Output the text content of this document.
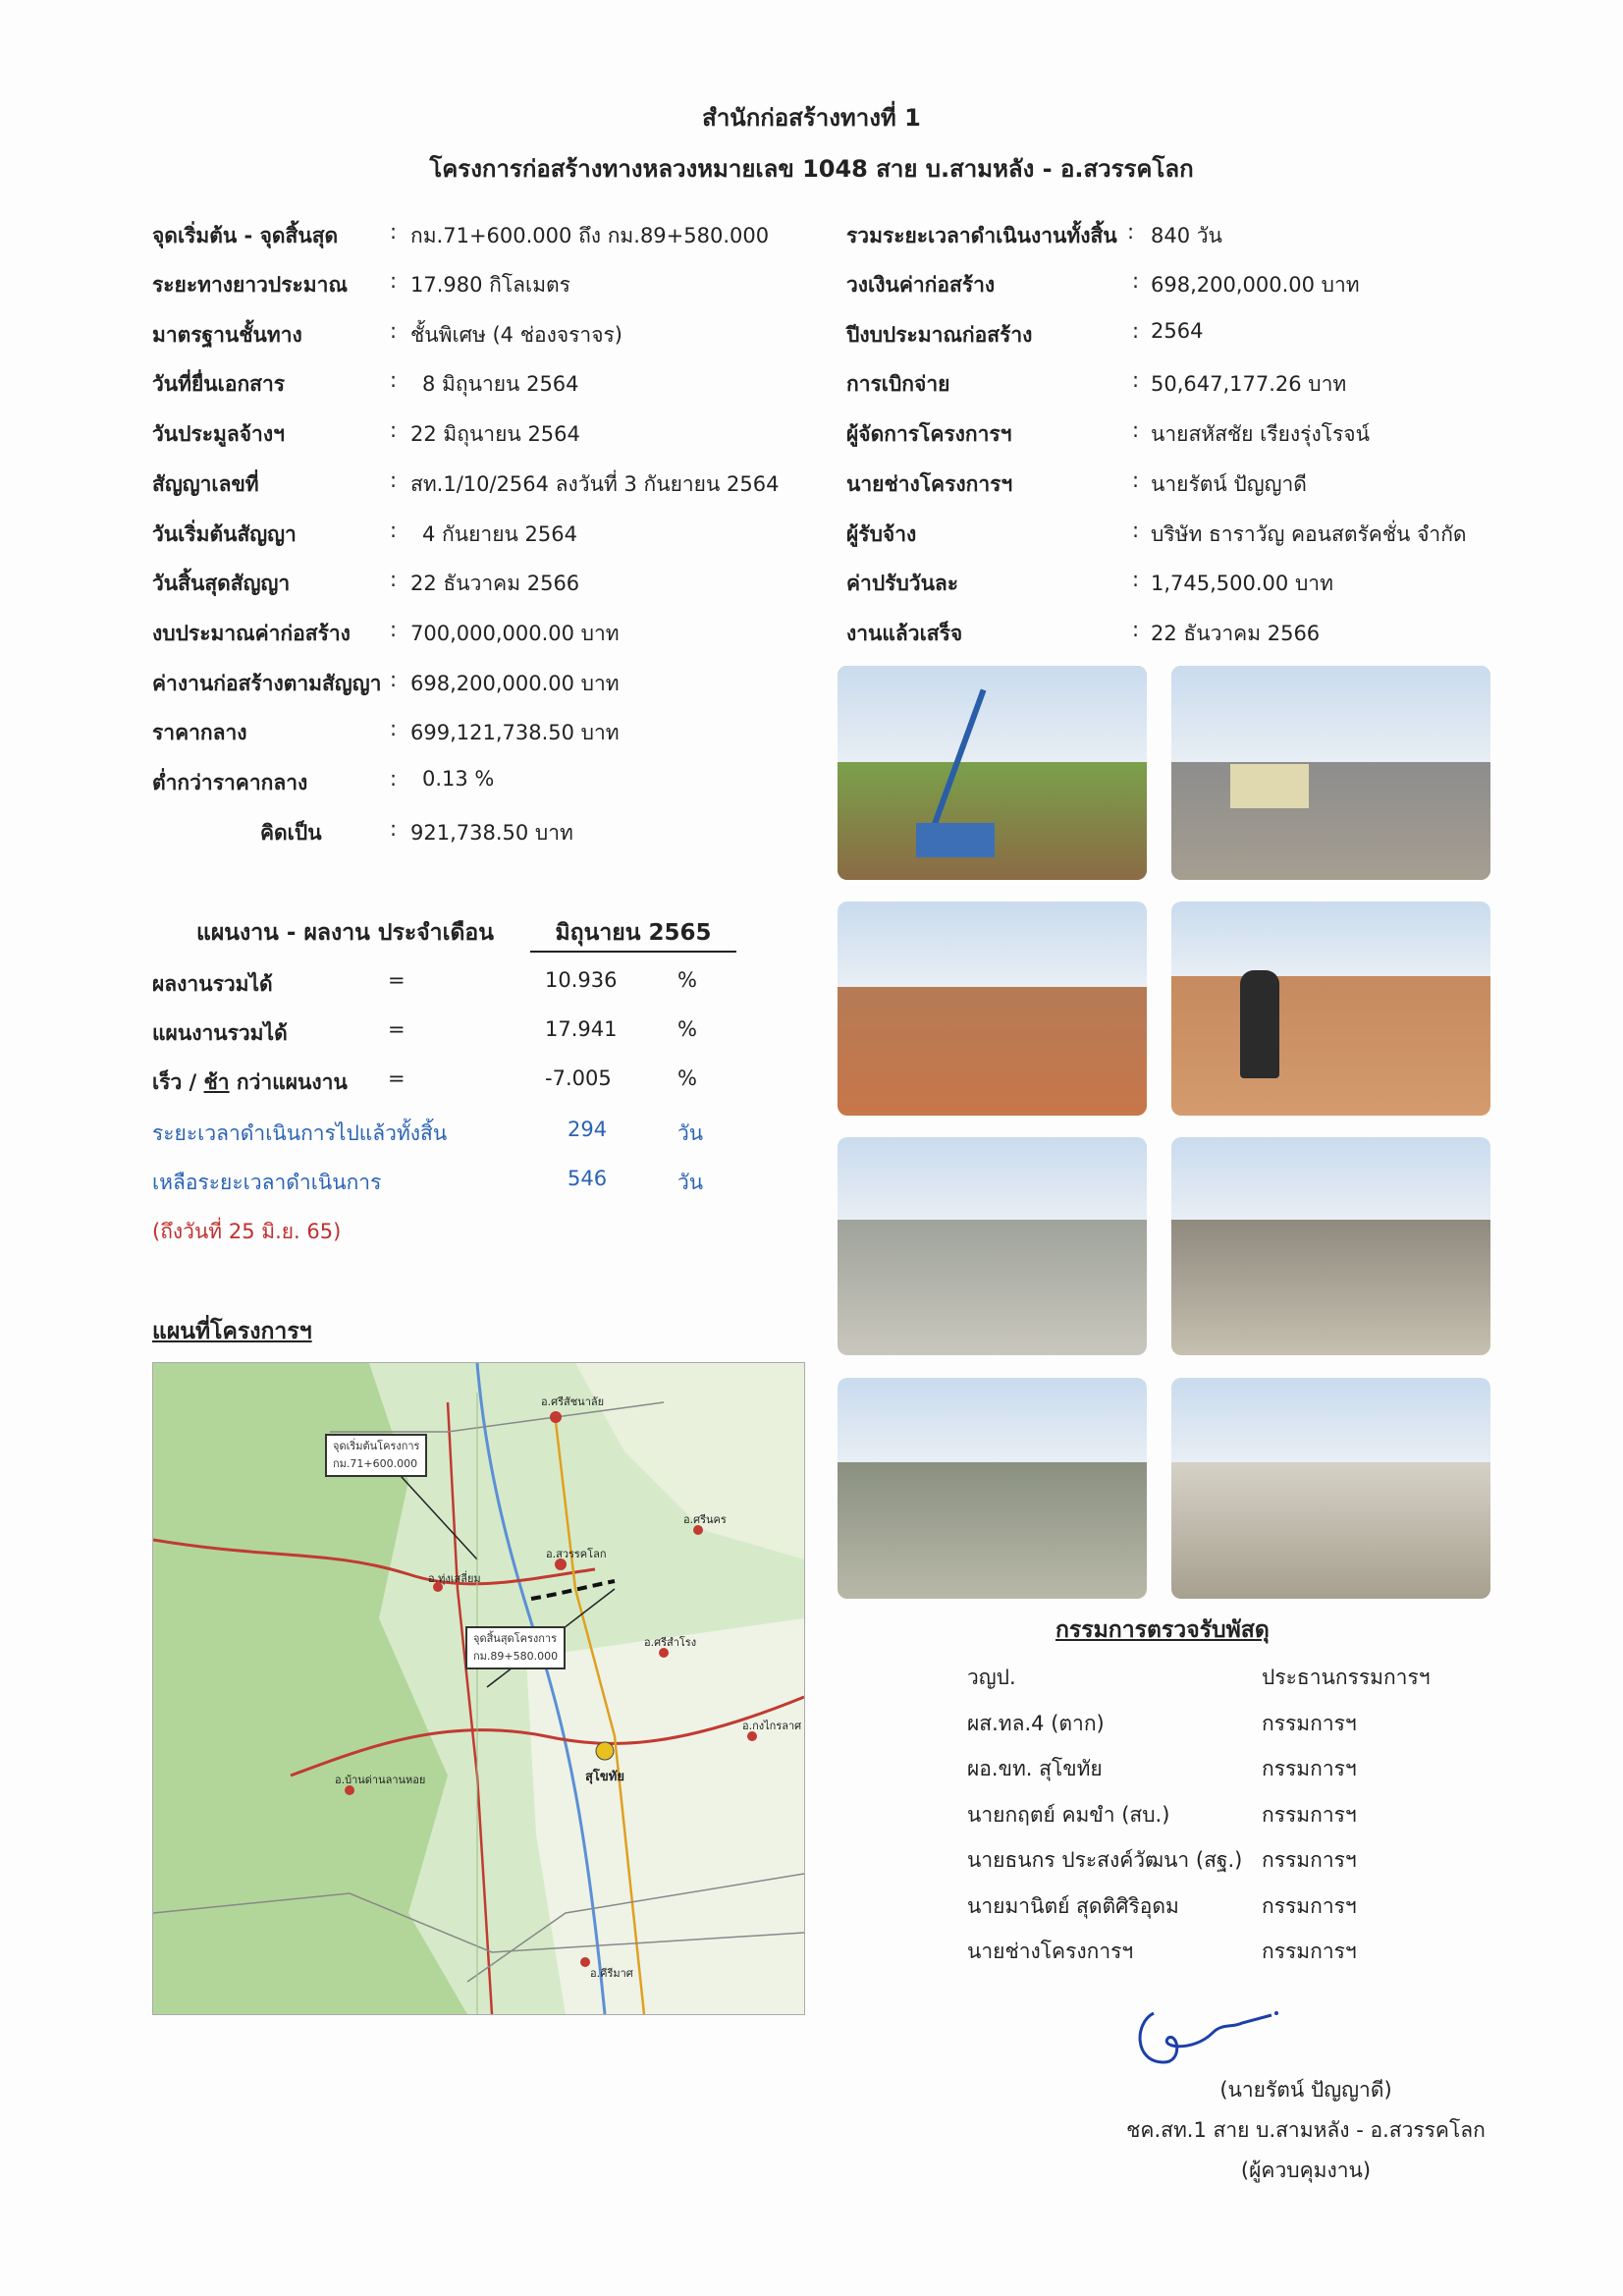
สำนักก่อสร้างทางที่ 1
โครงการก่อสร้างทางหลวงหมายเลข 1048 สาย บ.สามหลัง - อ.สวรรคโลก
จุดเริ่มต้น - จุดสิ้นสุด	: กม.71+600.000 ถึง กม.89+580.000
ระยะทางยาวประมาณ : 17.980 กิโลเมตร
มาตรฐานชั้นทาง	: ชั้นพิเศษ (4 ช่องจราจร)
วันที่ยื่นเอกสาร	: 8 มิถุนายน 2564
วันประมูลจ้างฯ	: 22 มิถุนายน 2564
สัญญาเลขที่	: สท.1/10/2564 ลงวันที่ 3 กันยายน 2564
วันเริ่มต้นสัญญา	: 4 กันยายน 2564
วันสิ้นสุดสัญญา	: 22 ธันวาคม 2566
งบประมาณค่าก่อสร้าง : 700,000,000.00 บาท
ค่างานก่อสร้างตามสัญญา : 698,200,000.00 บาท
ราคากลาง	: 699,121,738.50 บาท
ต่ำกว่าราคากลาง	: 0.13 %
คิดเป็น	: 921,738.50 บาท
รวมระยะเวลาดำเนินงานทั้งสิ้น : 840 วัน
วงเงินค่าก่อสร้าง	: 698,200,000.00 บาท
ปีงบประมาณก่อสร้าง	: 2564
การเบิกจ่าย	: 50,647,177.26 บาท
ผู้จัดการโครงการฯ	: นายสหัสชัย เรียงรุ่งโรจน์
นายช่างโครงการฯ	: นายรัตน์ ปัญญาดี
ผู้รับจ้าง	: บริษัท ธาราวัญ คอนสตรัคชั่น จำกัด
ค่าปรับวันละ	: 1,745,500.00 บาท
งานแล้วเสร็จ	: 22 ธันวาคม 2566
แผนงาน - ผลงาน ประจำเดือน	มิถุนายน 2565
ผลงานรวมได้	=	10.936	%
แผนงานรวมได้	=	17.941	%
เร็ว / ช้า กว่าแผนงาน =	-7.005	%
ระยะเวลาดำเนินการไปแล้วทั้งสิ้น	294	วัน
เหลือระยะเวลาดำเนินการ	546	วัน
(ถึงวันที่ 25 มิ.ย. 65)
แผนที่โครงการฯ
อ.ศรีสัชนาลัย
อ.สวรรคโลก
อ.ทุ่งเสลี่ยม
อ.ศรีสำโรง
อ.บ้านด่านลานหอย	สุโขทัย
อ.คีรีมาศ
อ.ศรีนคร
อ.กงไกรลาศ
จุดเริ่มต้นโครงการ
กม.71+600.000
จุดสิ้นสุดโครงการ
กม.89+580.000
กรรมการตรวจรับพัสดุ
วญป.	ประธานกรรมการฯ
ผส.ทล.4 (ตาก)	กรรมการฯ
ผอ.ขท. สุโขทัย	กรรมการฯ
นายกฤตย์ คมขำ (สบ.)	กรรมการฯ
นายธนกร ประสงค์วัฒนา (สฐ.) กรรมการฯ
นายมานิตย์ สุดติศิริอุดม	กรรมการฯ
นายช่างโครงการฯ	กรรมการฯ
(นายรัตน์ ปัญญาดี)
ชค.สท.1 สาย บ.สามหลัง - อ.สวรรคโลก
(ผู้ควบคุมงาน)
